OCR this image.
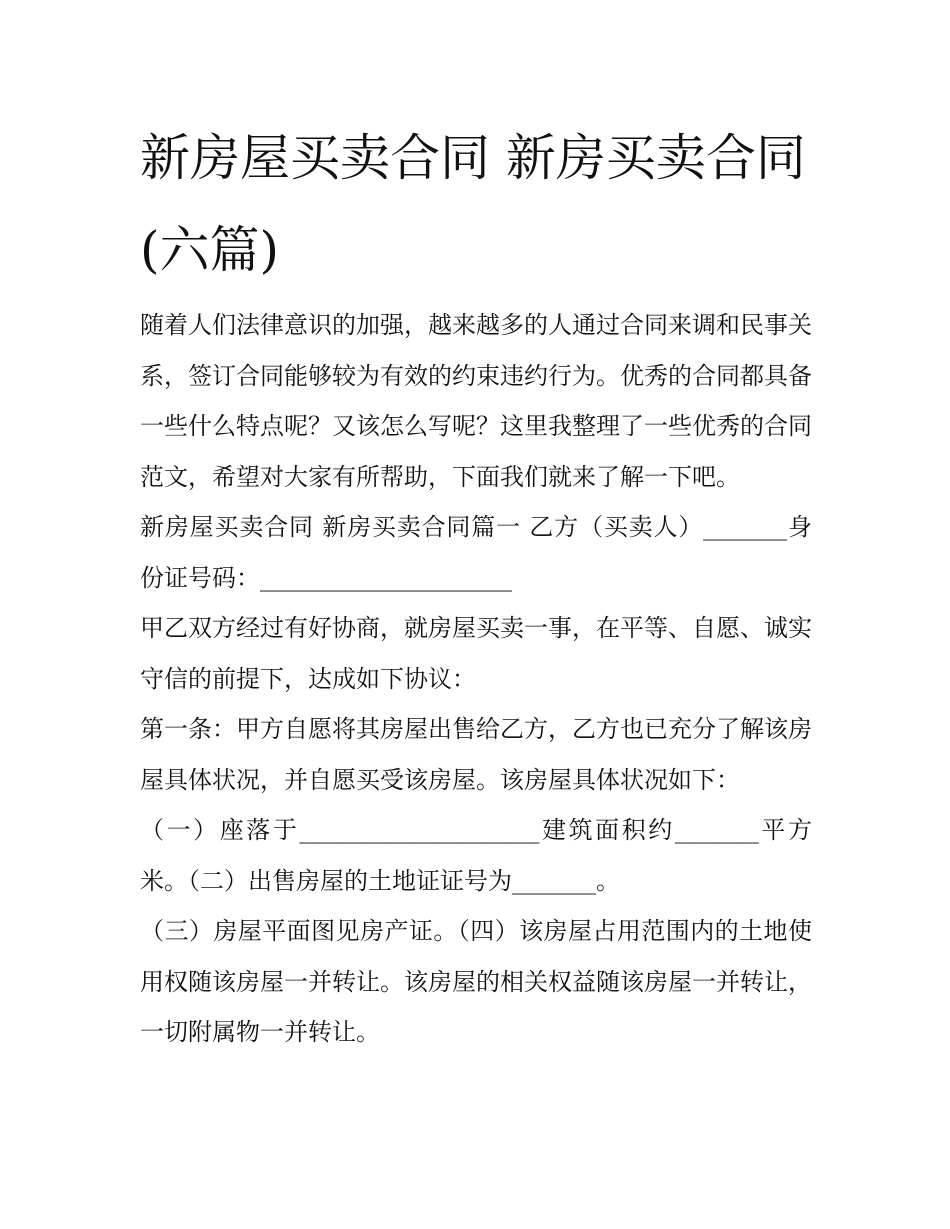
新房屋买卖合同 新房买卖合同(六篇)

随着人们法律意识的加强，越来越多的人通过合同来调和民事关系，签订合同能够较为有效的约束违约行为。优秀的合同都具备一些什么特点呢？又该怎么写呢？这里我整理了一些优秀的合同范文，希望对大家有所帮助，下面我们就来了解一下吧。

新房屋买卖合同 新房买卖合同篇一 乙方（买卖人）_______身份证号码：_____________________

甲乙双方经过有好协商，就房屋买卖一事，在平等、自愿、诚实守信的前提下，达成如下协议：

第一条：甲方自愿将其房屋出售给乙方，乙方也已充分了解该房屋具体状况，并自愿买受该房屋。该房屋具体状况如下：

（一）座落于____________________建筑面积约_______平方米。（二）出售房屋的土地证证号为_______。

（三）房屋平面图见房产证。（四）该房屋占用范围内的土地使用权随该房屋一并转让。该房屋的相关权益随该房屋一并转让，一切附属物一并转让。
